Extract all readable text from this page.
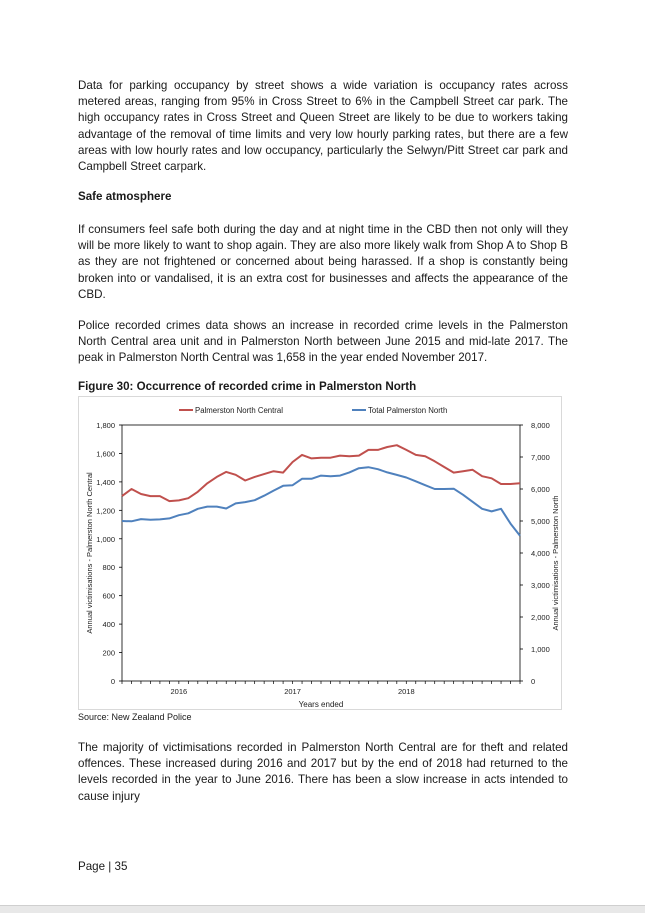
Data for parking occupancy by street shows a wide variation is occupancy rates across metered areas, ranging from 95% in Cross Street to 6% in the Campbell Street car park. The high occupancy rates in Cross Street and Queen Street are likely to be due to workers taking advantage of the removal of time limits and very low hourly parking rates, but there are a few areas with low hourly rates and low occupancy, particularly the Selwyn/Pitt Street car park and Campbell Street carpark.

Safe atmosphere

If consumers feel safe both during the day and at night time in the CBD then not only will they will be more likely to want to shop again. They are also more likely walk from Shop A to Shop B as they are not frightened or concerned about being harassed. If a shop is constantly being broken into or vandalised, it is an extra cost for businesses and affects the appearance of the CBD.

Police recorded crimes data shows an increase in recorded crime levels in the Palmerston North Central area unit and in Palmerston North between June 2015 and mid-late 2017. The peak in Palmerston North Central was 1,658 in the year ended November 2017.

Figure 30: Occurrence of recorded crime in Palmerston North

0
200
400
600
800
1,000
1,200
1,400
1,600
1,800
0
1,000
2,000
3,000
4,000
5,000
6,000
7,000
8,000
2016	2017	2018
Years ended
Annual victimisations - Palmerston North Central	Annual victimisations - Palmerston North
Palmerston North Central	Total Palmerston North

Source: New Zealand Police

The majority of victimisations recorded in Palmerston North Central are for theft and related offences. These increased during 2016 and 2017 but by the end of 2018 had returned to the levels recorded in the year to June 2016. There has been a slow increase in acts intended to cause injury

Page | 35
